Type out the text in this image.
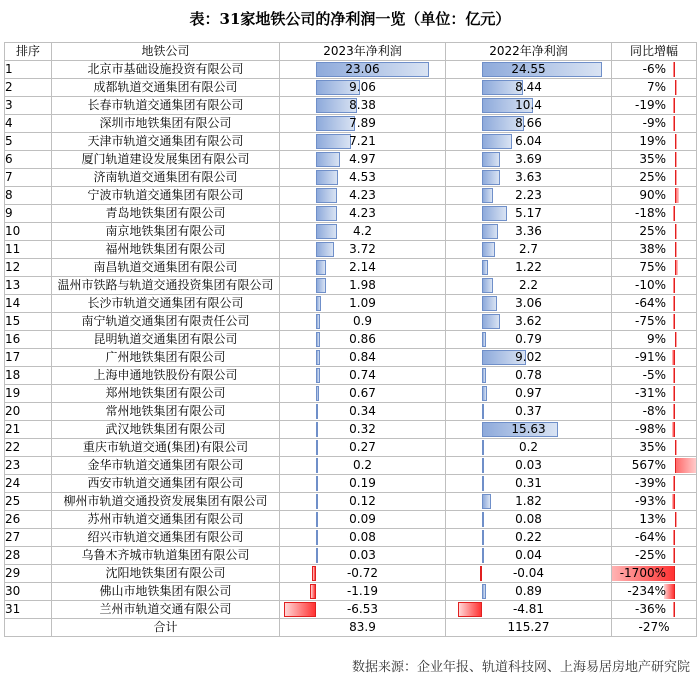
表：31家地铁公司的净利润一览（单位：亿元）
排序	地铁公司	2023年净利润	2022年净利润	同比增幅
1	北京市基础设施投资有限公司	23.06	24.55	-6%

2	成都轨道交通集团有限公司	9.06	8.44	7%

3	长春市轨道交通集团有限公司	8.38	10.4	-19%

4	深圳市地铁集团有限公司	7.89	8.66	-9%

5	天津市轨道交通集团有限公司	7.21	6.04	19%

6	厦门轨道建设发展集团有限公司	4.97	3.69	35%

7	济南轨道交通集团有限公司	4.53	3.63	25%

8	宁波市轨道交通集团有限公司	4.23	2.23	90%

9	青岛地铁集团有限公司	4.23	5.17	-18%

10	南京地铁集团有限公司	4.2	3.36	25%

11	福州地铁集团有限公司	3.72	2.7	38%

12	南昌轨道交通集团有限公司	2.14	1.22	75%

13	温州市铁路与轨道交通投资集团有限公司	1.98	2.2	-10%

14	长沙市轨道交通集团有限公司	1.09	3.06	-64%

15	南宁轨道交通集团有限责任公司	0.9	3.62	-75%

16	昆明轨道交通集团有限公司	0.86	0.79	9%

17	广州地铁集团有限公司	0.84	9.02	-91%

18	上海申通地铁股份有限公司	0.74	0.78	-5%

19	郑州地铁集团有限公司	0.67	0.97	-31%

20	常州地铁集团有限公司	0.34	0.37	-8%

21	武汉地铁集团有限公司	0.32	15.63	-98%

22	重庆市轨道交通(集团)有限公司	0.27	0.2	35%

23	金华市轨道交通集团有限公司	0.2	0.03	567%

24	西安市轨道交通集团有限公司	0.19	0.31	-39%

25	柳州市轨道交通投资发展集团有限公司	0.12	1.82	-93%

26	苏州市轨道交通集团有限公司	0.09	0.08	13%

27	绍兴市轨道交通集团有限公司	0.08	0.22	-64%

28	乌鲁木齐城市轨道集团有限公司	0.03	0.04	-25%

29	沈阳地铁集团有限公司	-0.72	-0.04	-1700%

30	佛山市地铁集团有限公司	-1.19	0.89	-234%

31	兰州市轨道交通有限公司	-6.53	-4.81	-36%

	合计	83.9	115.27	-27%
数据来源：企业年报、轨道科技网、上海易居房地产研究院
